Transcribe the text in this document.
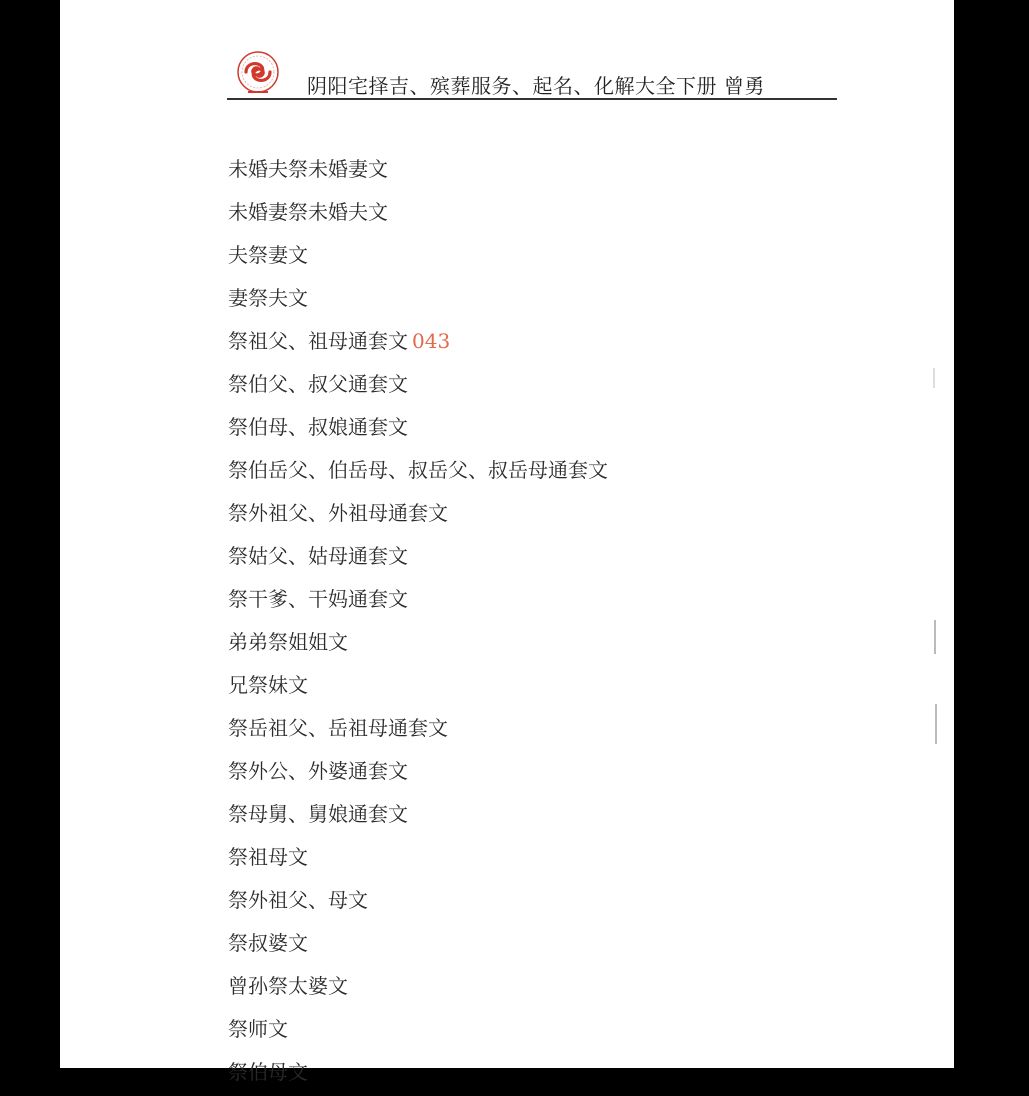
阴阳宅择吉、殡葬服务、起名、化解大全下册 曾勇
未婚夫祭未婚妻文
未婚妻祭未婚夫文
夫祭妻文
妻祭夫文
祭祖父、祖母通套文 043
祭伯父、叔父通套文
祭伯母、叔娘通套文
祭伯岳父、伯岳母、叔岳父、叔岳母通套文
祭外祖父、外祖母通套文
祭姑父、姑母通套文
祭干爹、干妈通套文
弟弟祭姐姐文
兄祭妹文
祭岳祖父、岳祖母通套文
祭外公、外婆通套文
祭母舅、舅娘通套文
祭祖母文
祭外祖父、母文
祭叔婆文
曾孙祭太婆文
祭师文
祭伯母文
